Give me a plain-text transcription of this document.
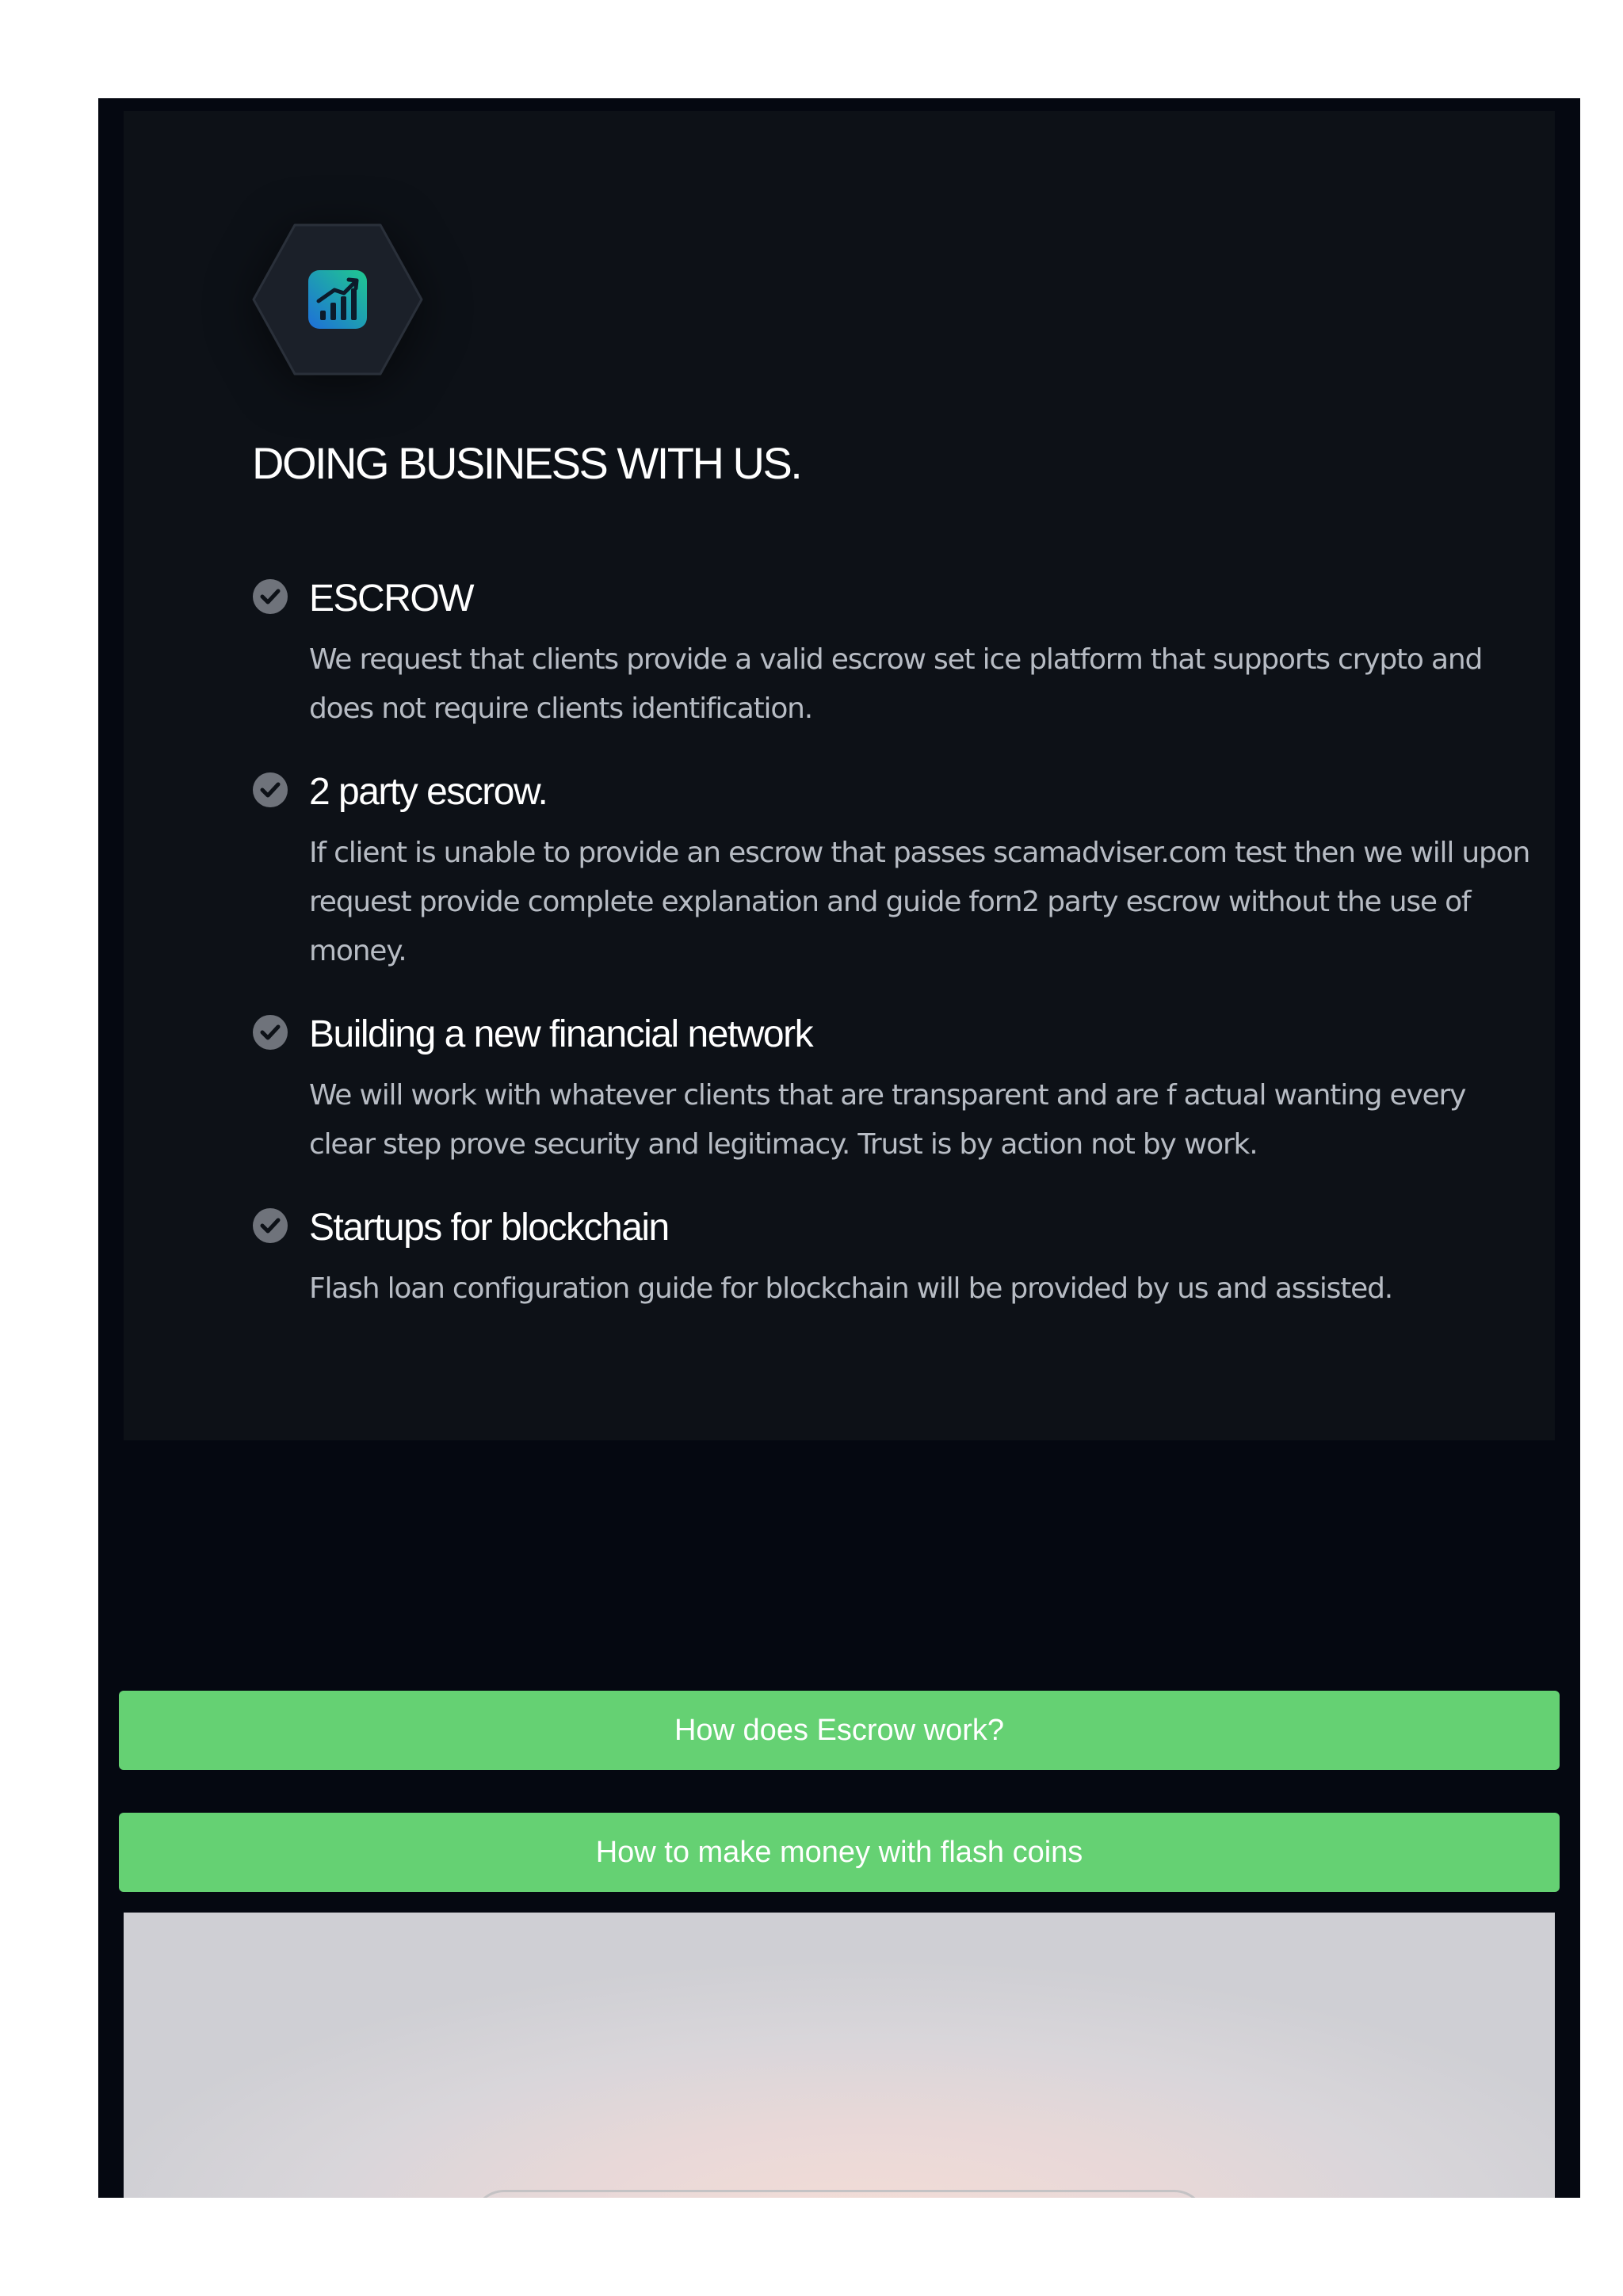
DOING BUSINESS WITH US.
ESCROW

We request that clients provide a valid escrow set ice platform that supports crypto and does not require clients identification.

2 party escrow.

If client is unable to provide an escrow that passes scamadviser.com test then we will upon request provide complete explanation and guide forn2 party escrow without the use of money.

Building a new financial network

We will work with whatever clients that are transparent and are f actual wanting every clear step prove security and legitimacy. Trust is by action not by work.

Startups for blockchain

Flash loan configuration guide for blockchain will be provided by us and assisted.

How does Escrow work?
How to make money with flash coins
